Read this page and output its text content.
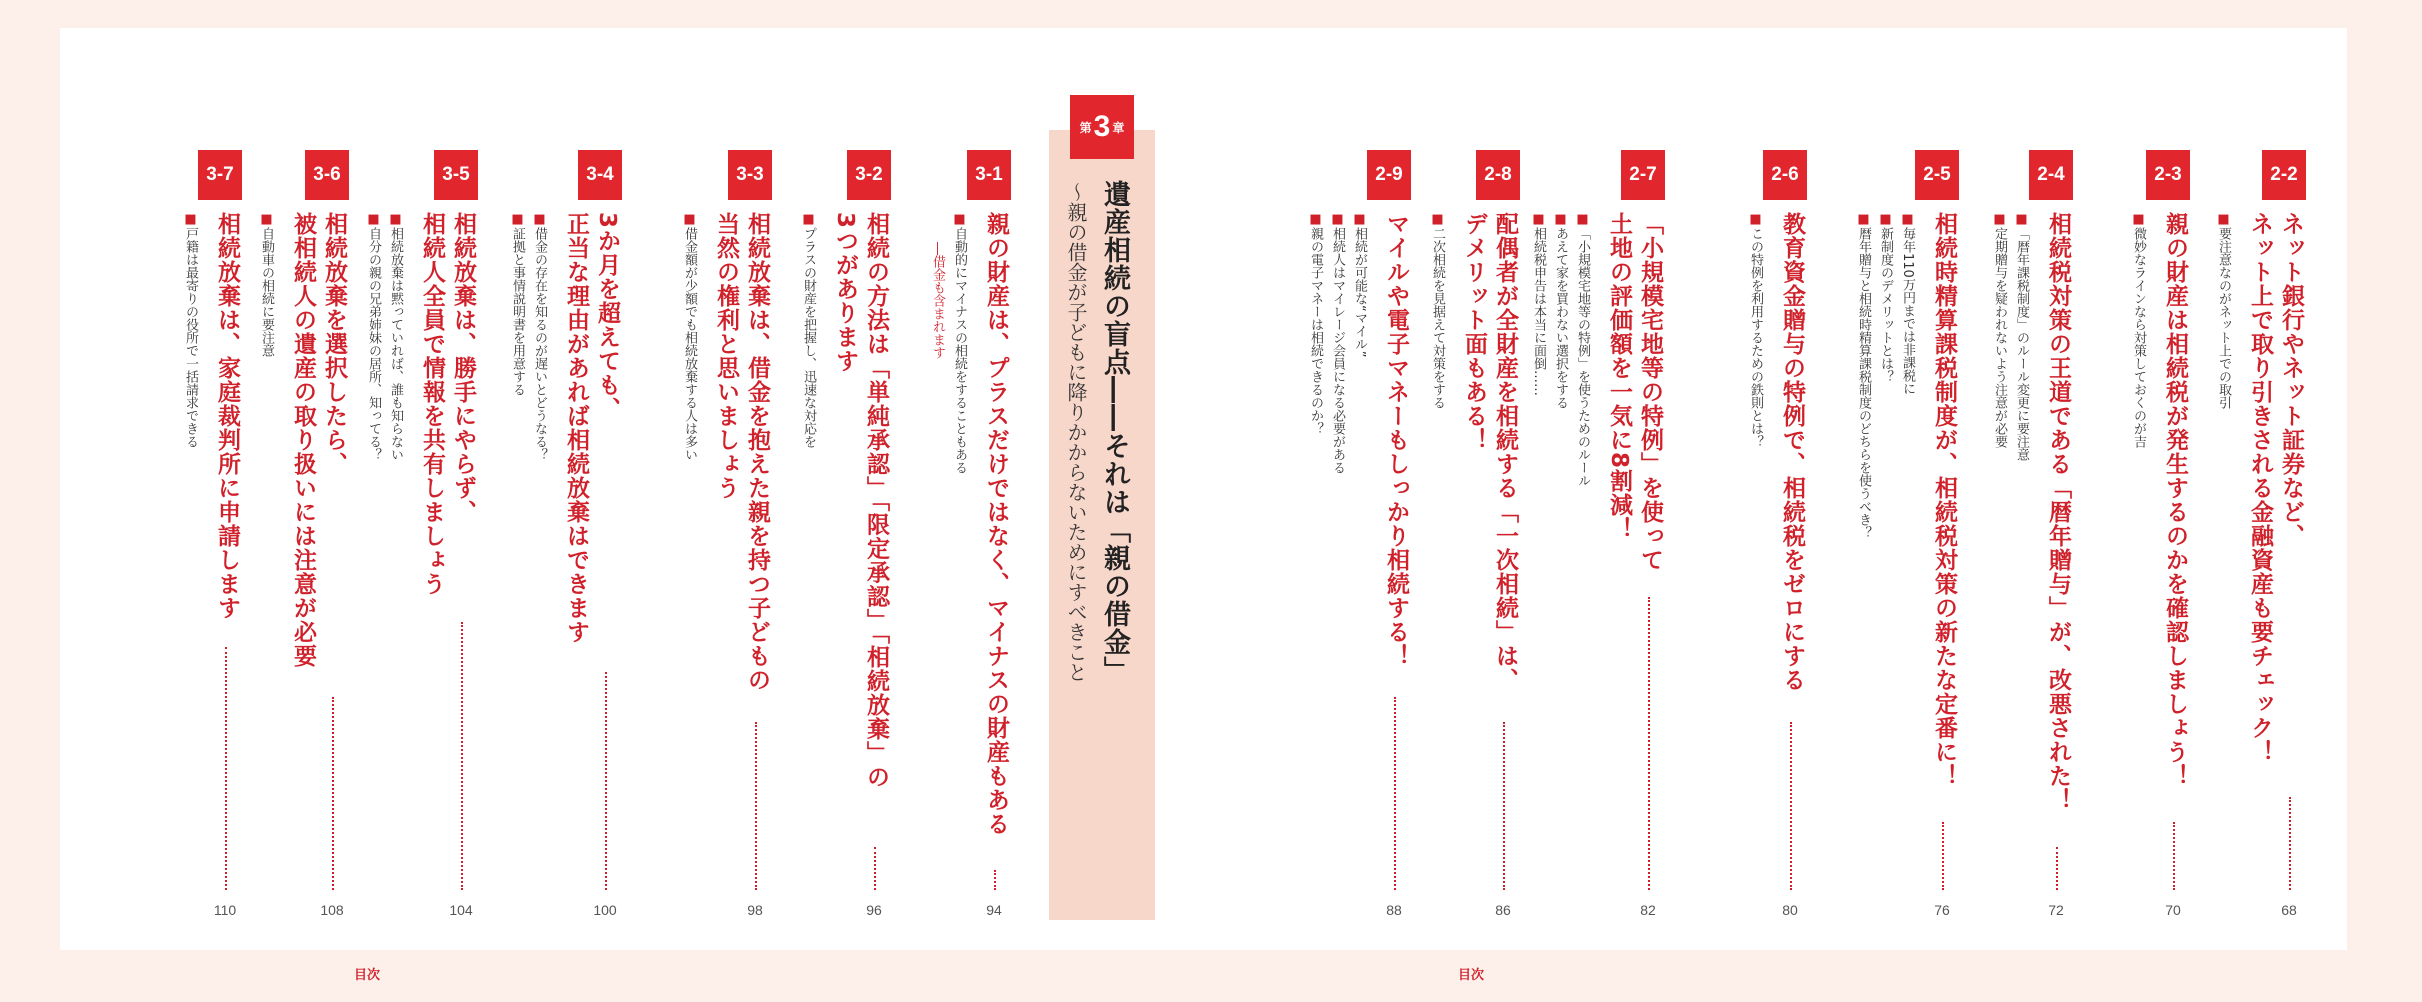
目次	目次
第 3 章
遺産相続の盲点――それは「親の借金」
～親の借金が子どもに降りかからないためにすべきこと
2-2
ネット銀行やネット証券など、
ネット上で取り引きされる金融資産も要チェック！
■要注意なのがネット上での取引
68
2-3
親の財産は相続税が発生するのかを確認しましょう！
■微妙なラインなら対策しておくのが吉
70
2-4
相続税対策の王道である「暦年贈与」が、改悪された！
■「暦年課税制度」のルール変更に要注意
■定期贈与を疑われないよう注意が必要
72
2-5
相続時精算課税制度が、相続税対策の新たな定番に！
■毎年110万円までは非課税に
■新制度のデメリットとは？
■暦年贈与と相続時精算課税制度のどちらを使うべき？
76
2-6
教育資金贈与の特例で、相続税をゼロにする
■この特例を利用するための鉄則とは？
80
2-7
「小規模宅地等の特例」を使って
土地の評価額を一気に8割減！
■「小規模宅地等の特例」を使うためのルール
■あえて家を買わない選択をする
■相続税申告は本当に面倒……
82
2-8
配偶者が全財産を相続する「一次相続」は、
デメリット面もある！
■二次相続を見据えて対策をする
86
2-9
マイルや電子マネーもしっかり相続する！
■相続が可能な“マイル”
■相続人はマイレージ会員になる必要がある
■親の電子マネーは相続できるのか？
88
3-1
親の財産は、プラスだけではなく、マイナスの財産もある
■自動的にマイナスの相続をすることもある
―借金も含まれます
94
3-2
相続の方法は「単純承認」「限定承認」「相続放棄」の
3つがあります
■プラスの財産を把握し、迅速な対応を
96
3-3
相続放棄は、借金を抱えた親を持つ子どもの
当然の権利と思いましょう
■借金額が少額でも相続放棄する人は多い
98
3-4
3か月を超えても、
正当な理由があれば相続放棄はできます
■借金の存在を知るのが遅いとどうなる？
■証拠と事情説明書を用意する
100
3-5
相続放棄は、勝手にやらず、
相続人全員で情報を共有しましょう
■相続放棄は黙っていれば、誰も知らない
■自分の親の兄弟姉妹の居所、知ってる？
104
3-6
相続放棄を選択したら、
被相続人の遺産の取り扱いには注意が必要
■自動車の相続に要注意
108
3-7
相続放棄は、家庭裁判所に申請します
■戸籍は最寄りの役所で一括請求できる
110
